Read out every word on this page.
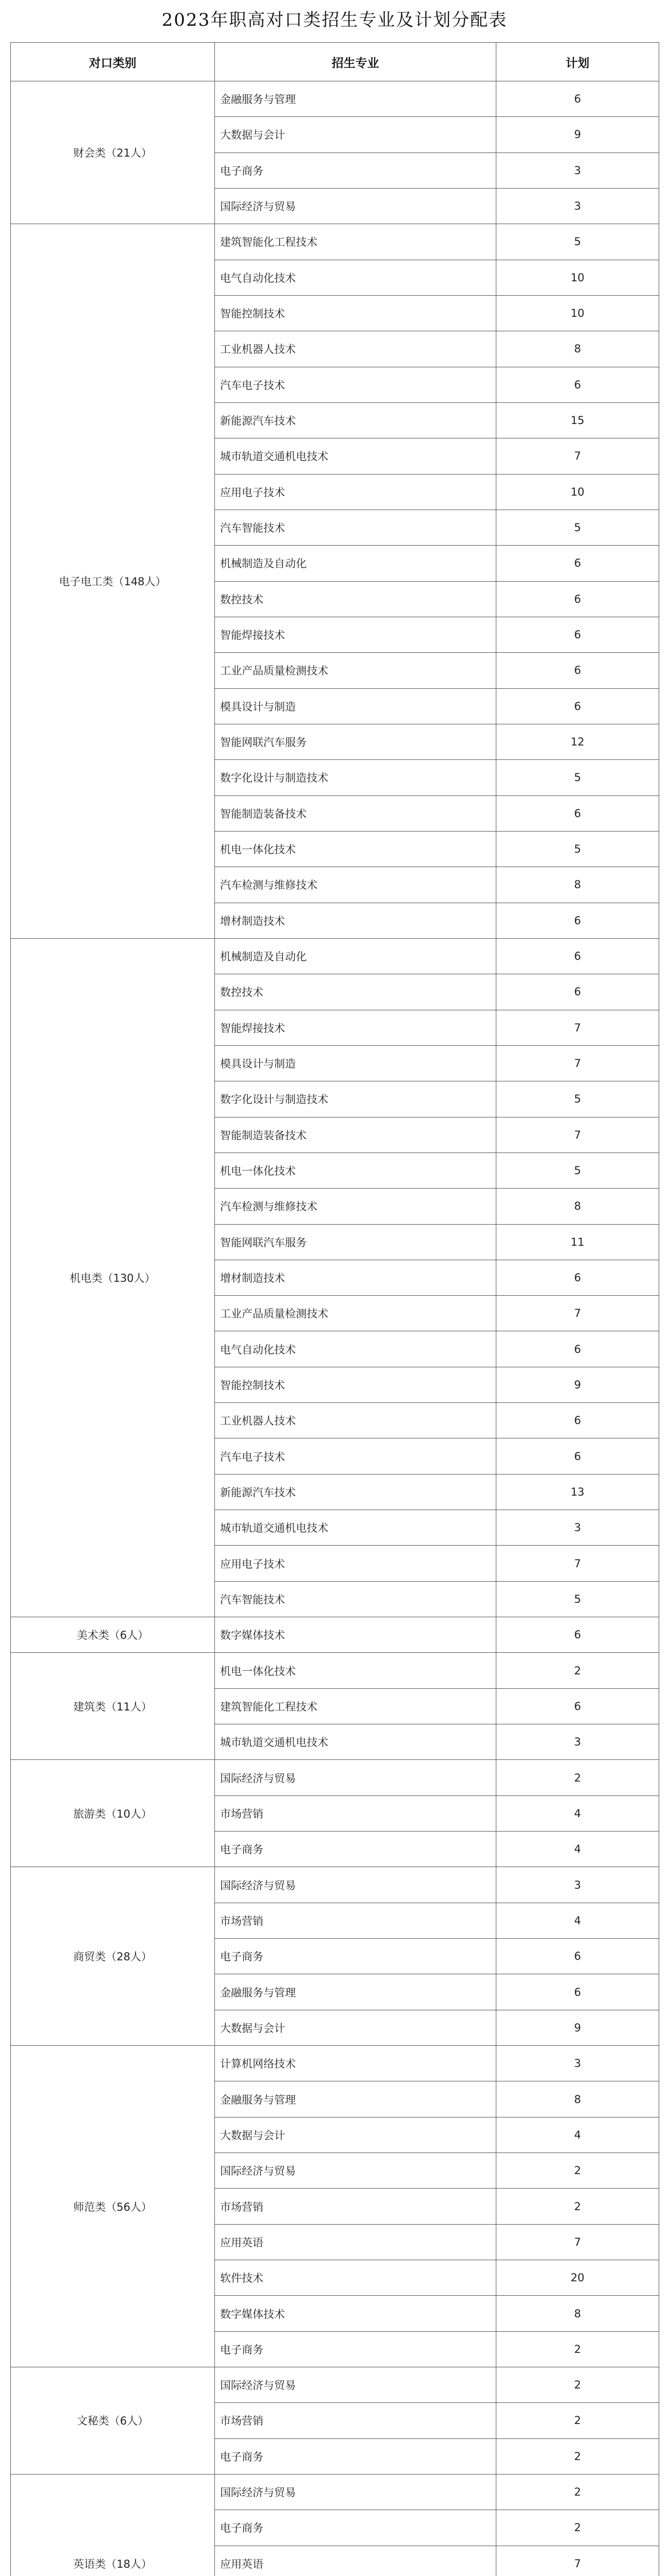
2023年职高对口类招生专业及计划分配表
对口类别	招生专业	计划
财会类（21人）	金融服务与管理	6
	大数据与会计	9
	电子商务	3
	国际经济与贸易	3
电子电工类（148人）	建筑智能化工程技术	5
	电气自动化技术	10
	智能控制技术	10
	工业机器人技术	8
	汽车电子技术	6
	新能源汽车技术	15
	城市轨道交通机电技术	7
	应用电子技术	10
	汽车智能技术	5
	机械制造及自动化	6
	数控技术	6
	智能焊接技术	6
	工业产品质量检测技术	6
	模具设计与制造	6
	智能网联汽车服务	12
	数字化设计与制造技术	5
	智能制造装备技术	6
	机电一体化技术	5
	汽车检测与维修技术	8
	增材制造技术	6
机电类（130人）	机械制造及自动化	6
	数控技术	6
	智能焊接技术	7
	模具设计与制造	7
	数字化设计与制造技术	5
	智能制造装备技术	7
	机电一体化技术	5
	汽车检测与维修技术	8
	智能网联汽车服务	11
	增材制造技术	6
	工业产品质量检测技术	7
	电气自动化技术	6
	智能控制技术	9
	工业机器人技术	6
	汽车电子技术	6
	新能源汽车技术	13
	城市轨道交通机电技术	3
	应用电子技术	7
	汽车智能技术	5
美术类（6人）	数字媒体技术	6
建筑类（11人）	机电一体化技术	2
	建筑智能化工程技术	6
	城市轨道交通机电技术	3
旅游类（10人）	国际经济与贸易	2
	市场营销	4
	电子商务	4
商贸类（28人）	国际经济与贸易	3
	市场营销	4
	电子商务	6
	金融服务与管理	6
	大数据与会计	9
师范类（56人）	计算机网络技术	3
	金融服务与管理	8
	大数据与会计	4
	国际经济与贸易	2
	市场营销	2
	应用英语	7
	软件技术	20
	数字媒体技术	8
	电子商务	2
文秘类（6人）	国际经济与贸易	2
	市场营销	2
	电子商务	2
英语类（18人）	国际经济与贸易	2
	电子商务	2
	应用英语	7
